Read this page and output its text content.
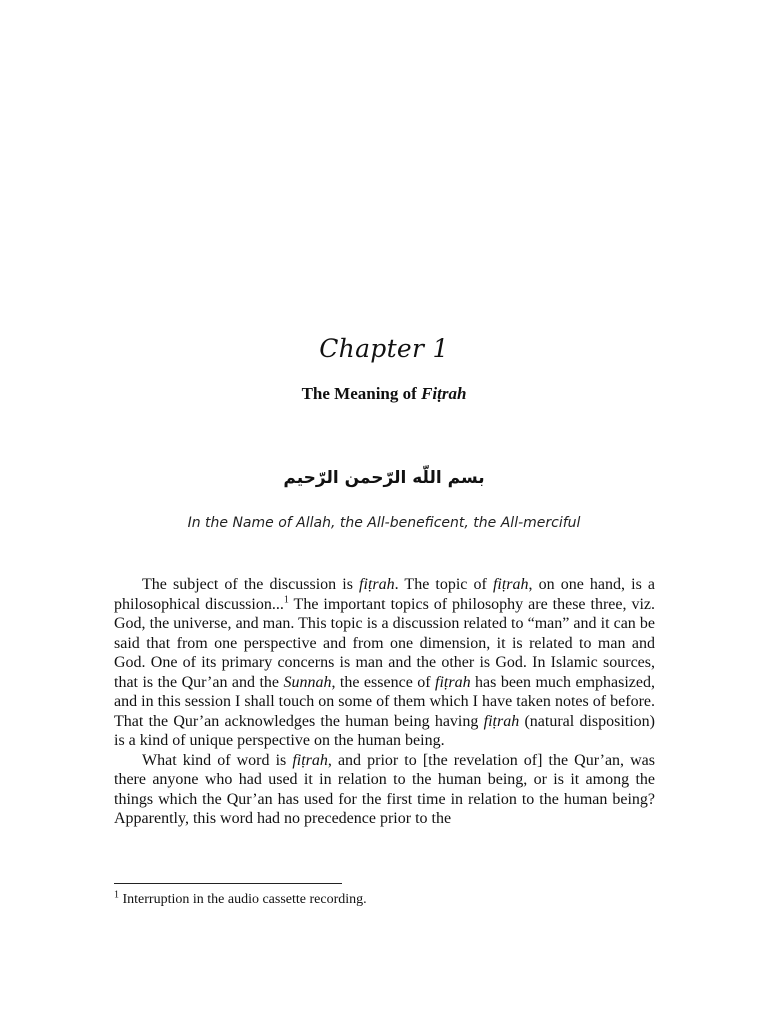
Chapter 1
The Meaning of Fiṭrah
بسم اللّه الرّحمن الرّحيم
In the Name of Allah, the All-beneficent, the All-merciful

The subject of the discussion is fiṭrah. The topic of fiṭrah, on one hand, is a philosophical discussion...$^1$ The important topics of philosophy are these three, viz. God, the universe, and man. This topic is a discussion related to “man” and it can be said that from one perspective and from one dimension, it is related to man and God. One of its primary concerns is man and the other is God. In Islamic sources, that is the Qur’an and the Sunnah, the essence of fiṭrah has been much emphasized, and in this session I shall touch on some of them which I have taken notes of before. That the Qur’an acknowledges the human being having fiṭrah (natural disposition) is a kind of unique perspective on the human being.

What kind of word is fiṭrah, and prior to [the revelation of] the Qur’an, was there anyone who had used it in relation to the human being, or is it among the things which the Qur’an has used for the first time in relation to the human being? Apparently, this word had no precedence prior to the

$^1$ Interruption in the audio cassette recording.
